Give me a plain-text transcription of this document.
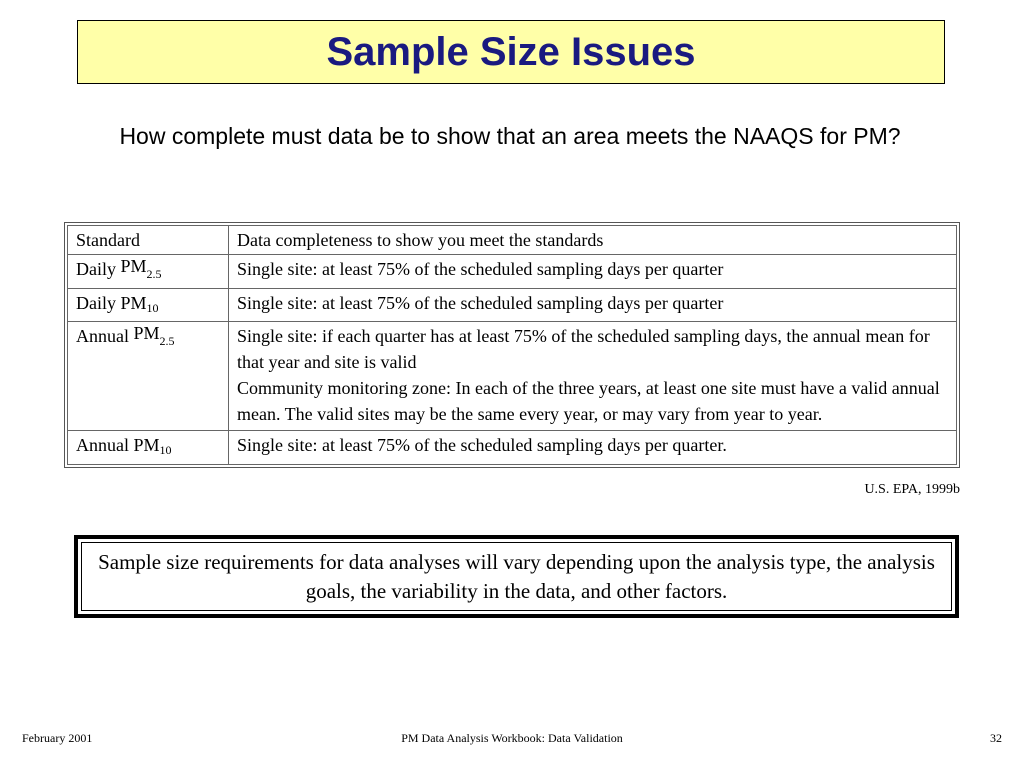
Sample Size Issues
How complete must data be to show that an area meets the NAAQS for PM?
Standard	Data completeness to show you meet the standards
Daily $PM_{2.5}$	Single site: at least 75% of the scheduled sampling days per quarter

Daily $PM_{10}$	Single site: at least 75% of the scheduled sampling days per quarter

Annual $PM_{2.5}$	Single site: if each quarter has at least 75% of the scheduled sampling days, the annual mean for that year and site is valid
Community monitoring zone: In each of the three years, at least one site must have a valid annual mean. The valid sites may be the same every year, or may vary from year to year.

Annual $PM_{10}$	Single site: at least 75% of the scheduled sampling days per quarter.
U.S. EPA, 1999b
Sample size requirements for data analyses will vary depending upon the analysis type, the analysis goals, the variability in the data, and other factors.
February 2001	PM Data Analysis Workbook: Data Validation	32
